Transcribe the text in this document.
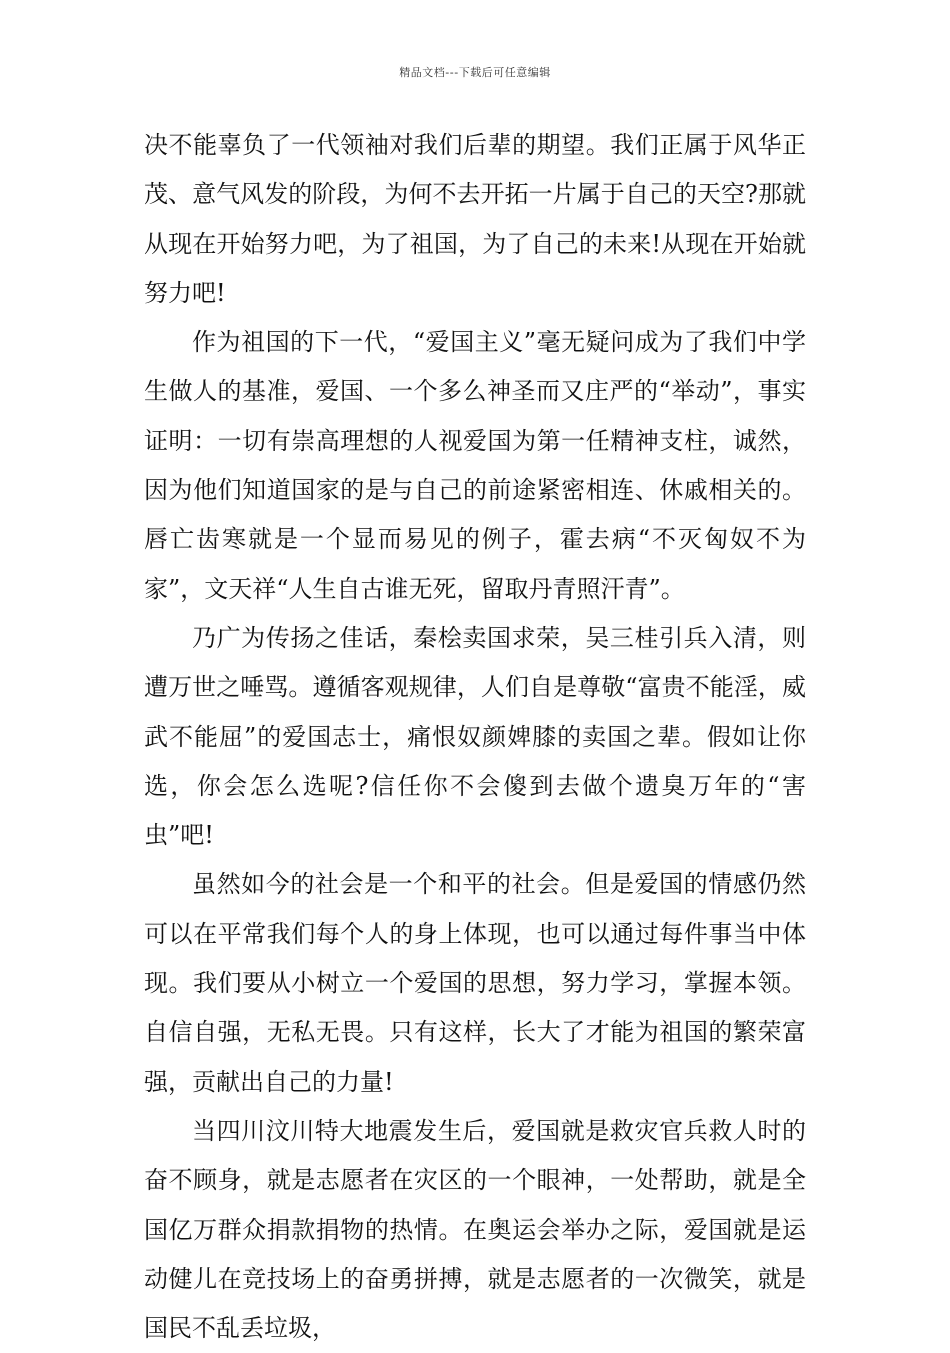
精品文档---下载后可任意编辑

决不能辜负了一代领袖对我们后辈的期望。我们正属于风华正茂、意气风发的阶段，为何不去开拓一片属于自己的天空?那就从现在开始努力吧，为了祖国，为了自己的未来!从现在开始就努力吧!

作为祖国的下一代，“爱国主义”毫无疑问成为了我们中学生做人的基准，爱国、一个多么神圣而又庄严的“举动”，事实证明：一切有崇高理想的人视爱国为第一任精神支柱，诚然，因为他们知道国家的是与自己的前途紧密相连、休戚相关的。唇亡齿寒就是一个显而易见的例子，霍去病“不灭匈奴不为家”，文天祥“人生自古谁无死，留取丹青照汗青”。

乃广为传扬之佳话，秦桧卖国求荣，吴三桂引兵入清，则遭万世之唾骂。遵循客观规律，人们自是尊敬“富贵不能淫，威武不能屈”的爱国志士，痛恨奴颜婢膝的卖国之辈。假如让你选，你会怎么选呢?信任你不会傻到去做个遗臭万年的“害虫”吧!

虽然如今的社会是一个和平的社会。但是爱国的情感仍然可以在平常我们每个人的身上体现，也可以通过每件事当中体现。我们要从小树立一个爱国的思想，努力学习，掌握本领。自信自强，无私无畏。只有这样，长大了才能为祖国的繁荣富强，贡献出自己的力量!

当四川汶川特大地震发生后，爱国就是救灾官兵救人时的奋不顾身，就是志愿者在灾区的一个眼神，一处帮助，就是全国亿万群众捐款捐物的热情。在奥运会举办之际，爱国就是运动健儿在竞技场上的奋勇拼搏，就是志愿者的一次微笑，就是国民不乱丢垃圾，
